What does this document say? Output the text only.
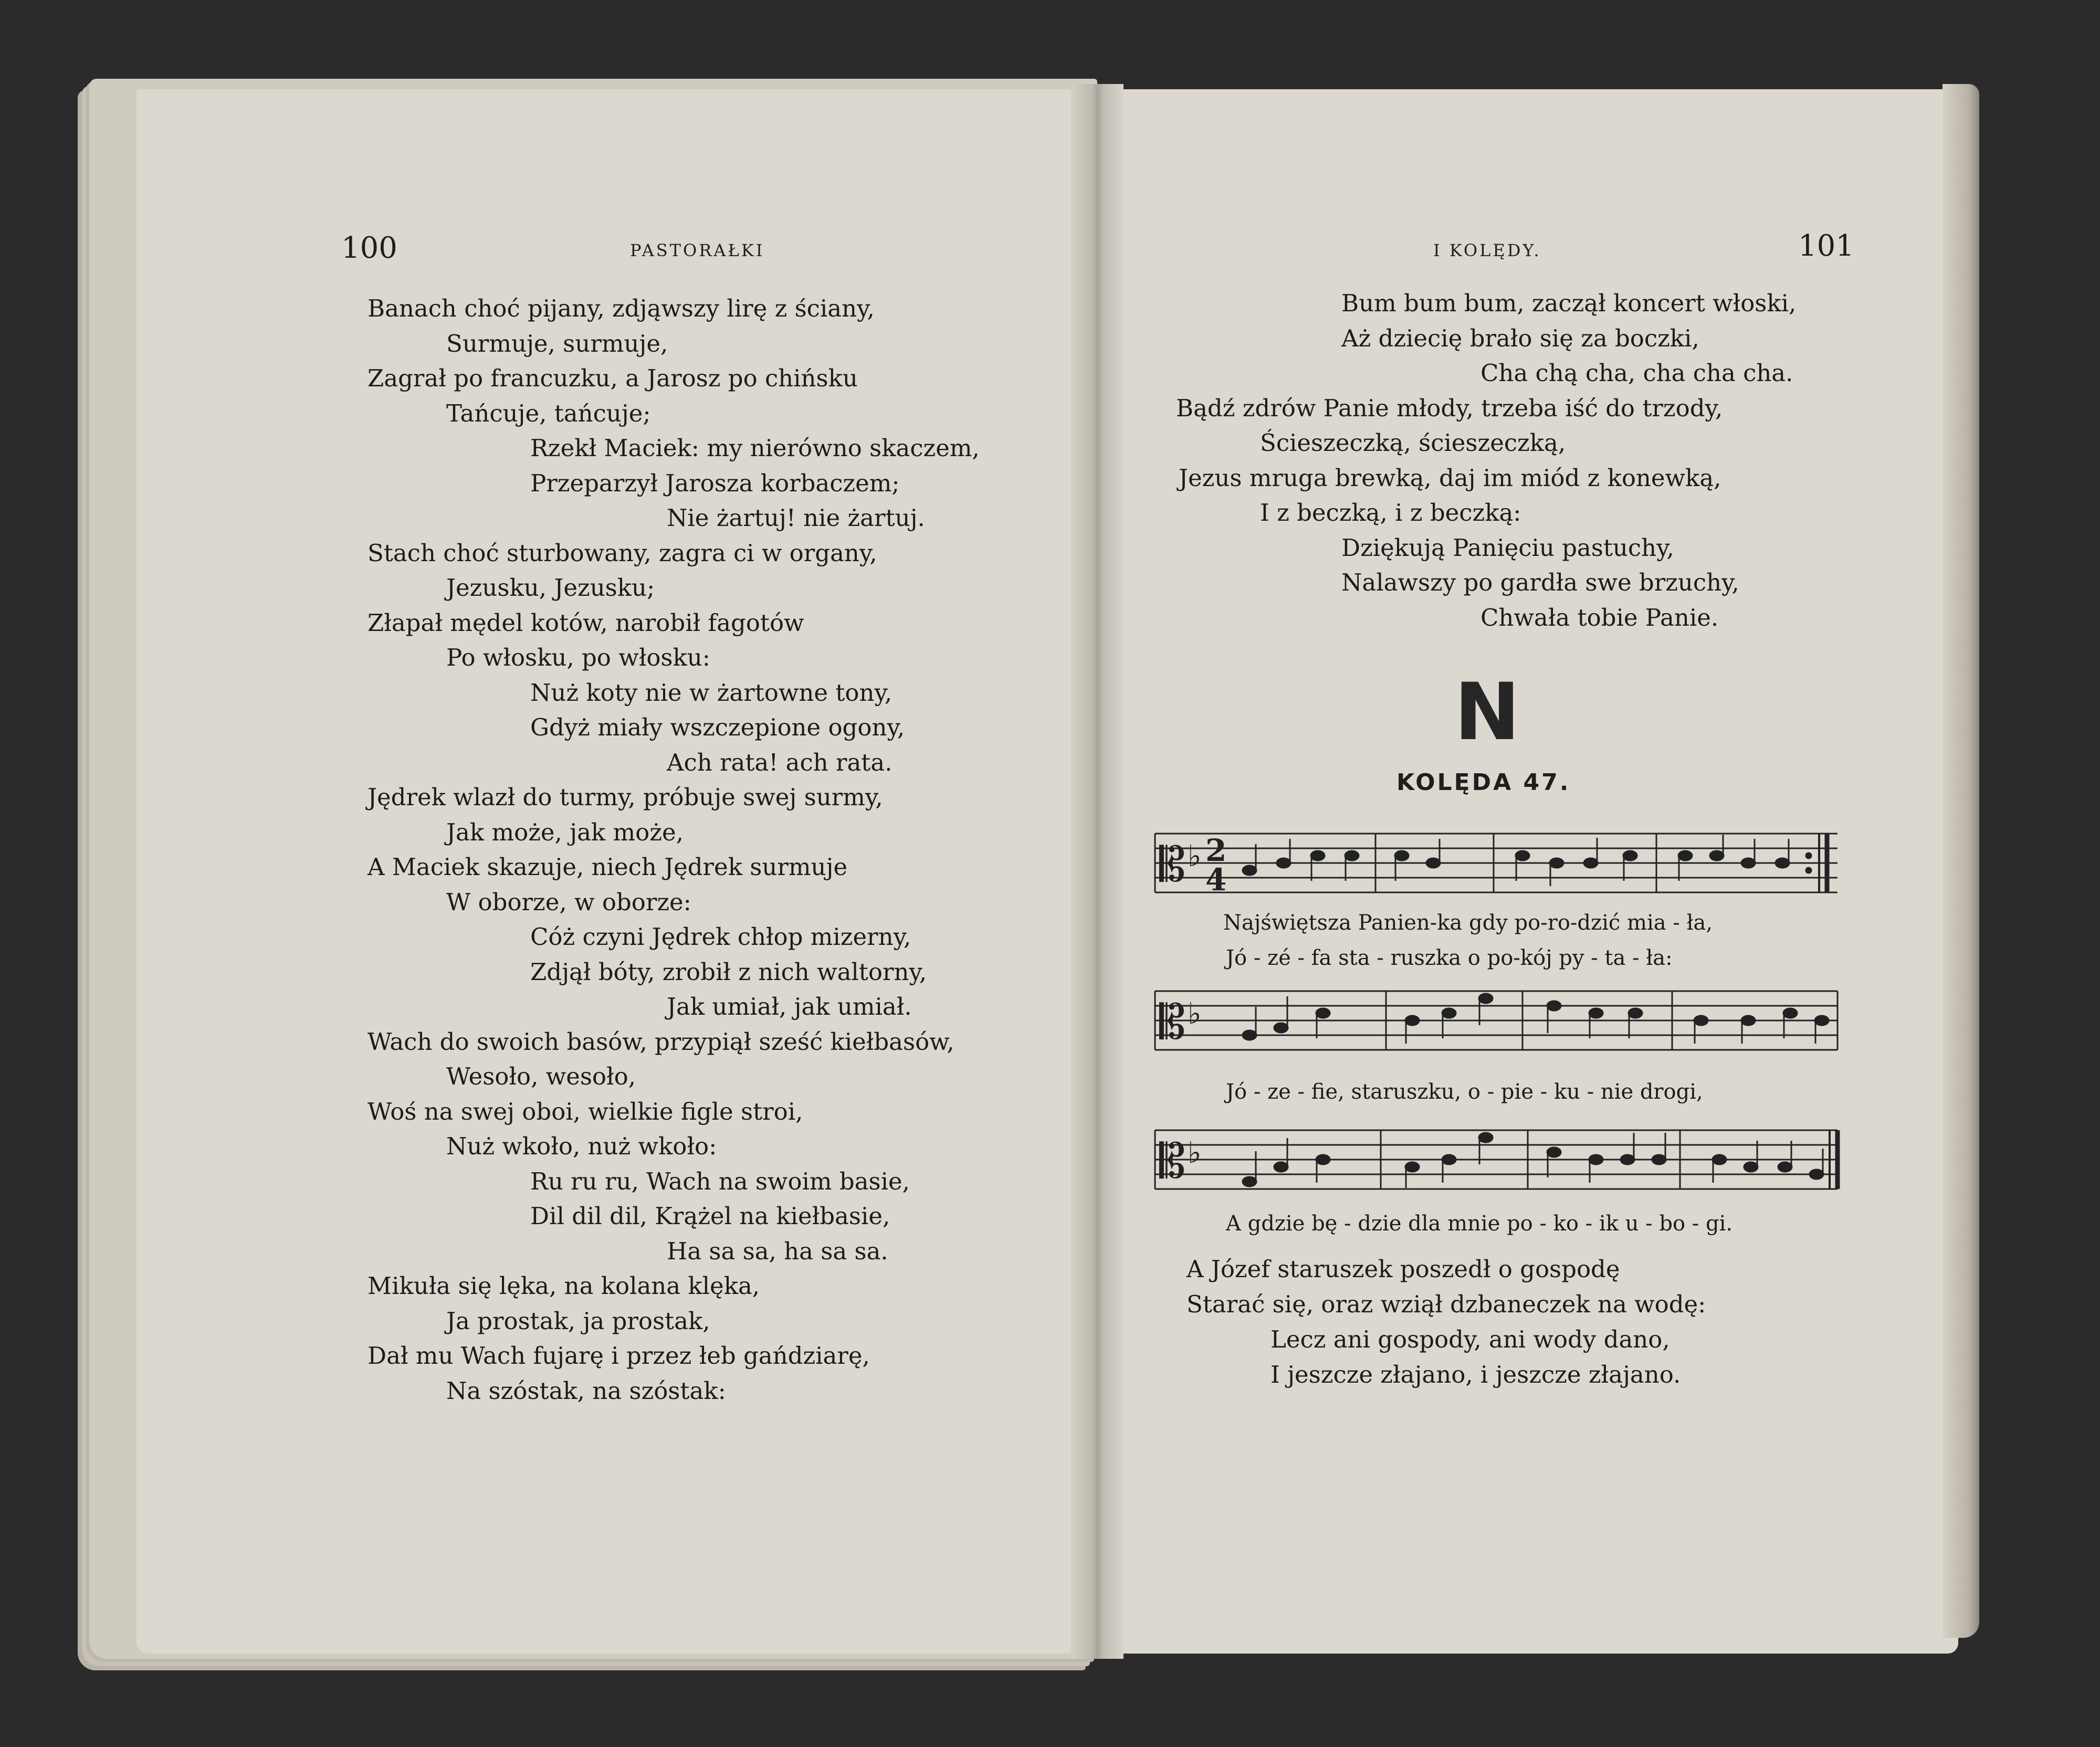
100	PASTORAŁKI	I KOLĘDY.	101
Banach choć pijany, zdjąwszy lirę z ściany,
Surmuje, surmuje,
Zagrał po francuzku, a Jarosz po chińsku
Tańcuje, tańcuje;
Rzekł Maciek: my nierówno skaczem,
Przeparzył Jarosza korbaczem;
Nie żartuj! nie żartuj.
Stach choć sturbowany, zagra ci w organy,
Jezusku, Jezusku;
Złapał mędel kotów, narobił fagotów
Po włosku, po włosku:
Nuż koty nie w żartowne tony,
Gdyż miały wszczepione ogony,
Ach rata! ach rata.
Jędrek wlazł do turmy, próbuje swej surmy,
Jak może, jak może,
A Maciek skazuje, niech Jędrek surmuje
W oborze, w oborze:
Cóż czyni Jędrek chłop mizerny,
Zdjął bóty, zrobił z nich waltorny,
Jak umiał, jak umiał.
Wach do swoich basów, przypiął sześć kiełbasów,
Wesoło, wesoło,
Woś na swej oboi, wielkie figle stroi,
Nuż wkoło, nuż wkoło:
Ru ru ru, Wach na swoim basie,
Dil dil dil, Krążel na kiełbasie,
Ha sa sa, ha sa sa.
Mikuła się lęka, na kolana klęka,
Ja prostak, ja prostak,
Dał mu Wach fujarę i przez łeb gańdziarę,
Na szóstak, na szóstak:
Bum bum bum, zaczął koncert włoski,
Aż dziecię brało się za boczki,
Cha chą cha, cha cha cha.
Bądź zdrów Panie młody, trzeba iść do trzody,
Ścieszeczką, ścieszeczką,
Jezus mruga brewką, daj im miód z konewką,
I z beczką, i z beczką:
Dziękują Panięciu pastuchy,
Nalawszy po gardła swe brzuchy,
Chwała tobie Panie.
N
KOLĘDA 47.
𝄡 ♭ 2
4
Najświętsza Panien-ka gdy po-ro-dzić mia - ła,
Jó - zé - fa sta - ruszka o po-kój py - ta - ła:
𝄡 ♭
Jó - ze - fie, staruszku, o - pie - ku - nie drogi,
𝄡 ♭
A gdzie bę - dzie dla mnie po - ko - ik u - bo - gi.
A Józef staruszek poszedł o gospodę
Starać się, oraz wziął dzbaneczek na wodę:
Lecz ani gospody, ani wody dano,
I jeszcze złajano, i jeszcze złajano.
